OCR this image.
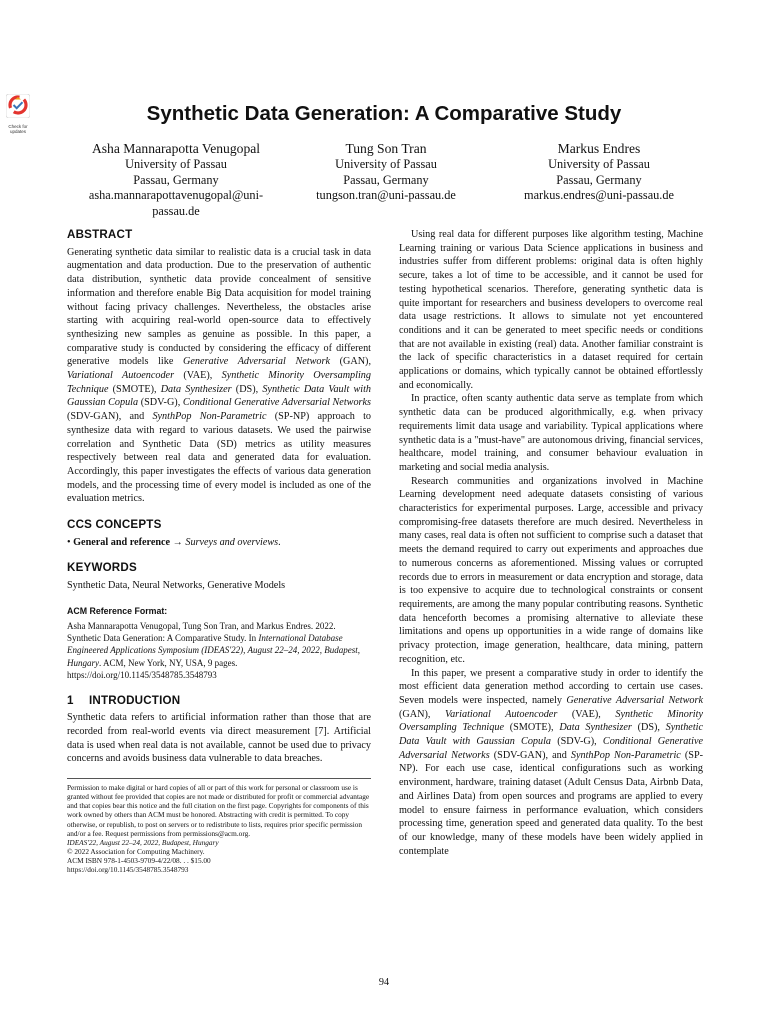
Check for updates
Synthetic Data Generation: A Comparative Study
Asha Mannarapotta Venugopal
University of Passau
Passau, Germany
asha.mannarapottavenugopal@uni-
passau.de
Tung Son Tran
University of Passau
Passau, Germany
tungson.tran@uni-passau.de
Markus Endres
University of Passau
Passau, Germany
markus.endres@uni-passau.de
ABSTRACT

Generating synthetic data similar to realistic data is a crucial task in data augmentation and data production. Due to the preservation of authentic data distribution, synthetic data provide concealment of sensitive information and therefore enable Big Data acquisition for model training without facing privacy challenges. Nevertheless, the obstacles arise starting with acquiring real-world open-source data to effectively synthesizing new samples as genuine as possible. In this paper, a comparative study is conducted by considering the efficacy of different generative models like Generative Adversarial Network (GAN), Variational Autoencoder (VAE), Synthetic Minority Oversampling Technique (SMOTE), Data Synthesizer (DS), Synthetic Data Vault with Gaussian Copula (SDV-G), Conditional Generative Adversarial Networks (SDV-GAN), and SynthPop Non-Parametric (SP-NP) approach to synthesize data with regard to various datasets. We used the pairwise correlation and Synthetic Data (SD) metrics as utility measures respectively between real data and generated data for evaluation. Accordingly, this paper investigates the effects of various data generation models, and the processing time of every model is included as one of the evaluation metrics.

CCS CONCEPTS

• General and reference → Surveys and overviews.

KEYWORDS

Synthetic Data, Neural Networks, Generative Models

ACM Reference Format:

Asha Mannarapotta Venugopal, Tung Son Tran, and Markus Endres. 2022. Synthetic Data Generation: A Comparative Study. In International Database Engineered Applications Symposium (IDEAS'22), August 22–24, 2022, Budapest, Hungary. ACM, New York, NY, USA, 9 pages. https://doi.org/10.1145/3548785.3548793

1 INTRODUCTION

Synthetic data refers to artificial information rather than those that are recorded from real-world events via direct measurement [7]. Artificial data is used when real data is not available, cannot be used due to privacy concerns and avoids business data vulnerable to data breaches.

Permission to make digital or hard copies of all or part of this work for personal or classroom use is granted without fee provided that copies are not made or distributed for profit or commercial advantage and that copies bear this notice and the full citation on the first page. Copyrights for components of this work owned by others than ACM must be honored. Abstracting with credit is permitted. To copy otherwise, or republish, to post on servers or to redistribute to lists, requires prior specific permission and/or a fee. Request permissions from permissions@acm.org.

IDEAS'22, August 22–24, 2022, Budapest, Hungary

© 2022 Association for Computing Machinery.

ACM ISBN 978-1-4503-9709-4/22/08. . . $15.00

https://doi.org/10.1145/3548785.3548793

Using real data for different purposes like algorithm testing, Machine Learning training or various Data Science applications in business and industries suffer from different problems: original data is often highly secure, takes a lot of time to be accessible, and it cannot be used for testing hypothetical scenarios. Therefore, generating synthetic data is quite important for researchers and business developers to overcome real data usage restrictions. It allows to simulate not yet encountered conditions and it can be generated to meet specific needs or conditions that are not available in existing (real) data. Another familiar constraint is the lack of specific characteristics in a dataset required for certain applications or domains, which typically cannot be obtained effortlessly and economically.

In practice, often scanty authentic data serve as template from which synthetic data can be produced algorithmically, e.g. when privacy requirements limit data usage and variability. Typical applications where synthetic data is a "must-have" are autonomous driving, financial services, healthcare, model training, and consumer behaviour evaluation in marketing and social media analysis.

Research communities and organizations involved in Machine Learning development need adequate datasets consisting of various characteristics for experimental purposes. Large, accessible and privacy compromising-free datasets therefore are much desired. Nevertheless in many cases, real data is often not sufficient to comprise such a dataset that meets the demand required to carry out experiments and approaches due to numerous concerns as aforementioned. Missing values or corrupted records due to errors in measurement or data encryption and storage, data is too expensive to acquire due to technological constraints or consent requirements, are among the many popular contributing reasons. Synthetic data henceforth becomes a promising alternative to alleviate these limitations and opens up opportunities in a wide range of domains like privacy protection, image generation, healthcare, data mining, pattern recognition, etc.

In this paper, we present a comparative study in order to identify the most efficient data generation method according to certain use cases. Seven models were inspected, namely Generative Adversarial Network (GAN), Variational Autoencoder (VAE), Synthetic Minority Oversampling Technique (SMOTE), Data Synthesizer (DS), Synthetic Data Vault with Gaussian Copula (SDV-G), Conditional Generative Adversarial Networks (SDV-GAN), and SynthPop Non-Parametric (SP-NP). For each use case, identical configurations such as working environment, hardware, training dataset (Adult Census Data, Airbnb Data, and Airlines Data) from open sources and programs are applied to every model to ensure fairness in performance evaluation, which considers processing time, generation speed and generated data quality. To the best of our knowledge, many of these models have been widely applied in contemplate

94
